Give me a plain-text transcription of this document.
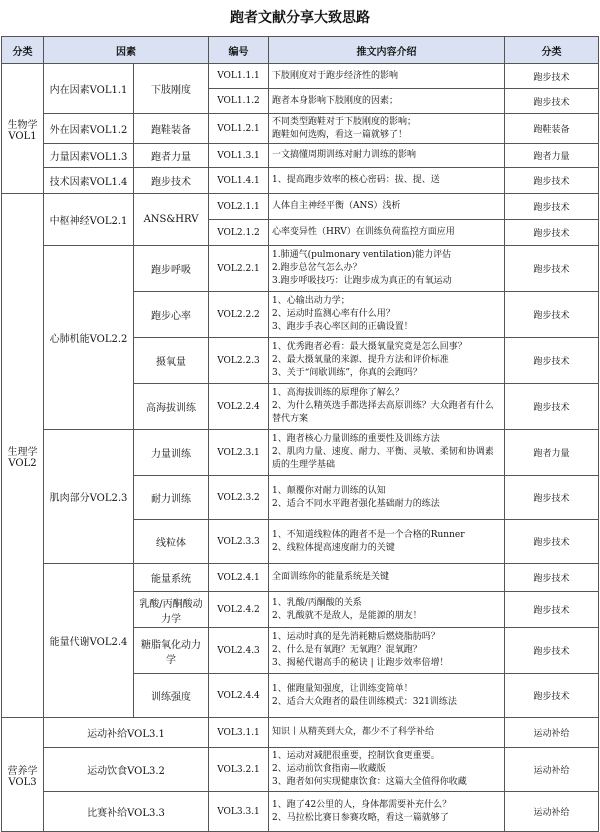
跑者文献分享大致思路
分类	因素		编号	推文内容介绍	分类
生物学VOL1	内在因素VOL1.1	下肢刚度	VOL1.1.1	下肢刚度对于跑步经济性的影响	跑步技术
			VOL1.1.2	跑者本身影响下肢刚度的因素；	跑步技术
	外在因素VOL1.2	跑鞋装备	VOL1.2.1	不同类型跑鞋对于下肢刚度的影响；
跑鞋如何选购，看这一篇就够了！	跑鞋装备
	力量因素VOL1.3	跑者力量	VOL1.3.1	一文搞懂周期训练对耐力训练的影响	跑者力量
	技术因素VOL1.4	跑步技术	VOL1.4.1	1、提高跑步效率的核心密码：拔、提、送	跑步技术
生理学VOL2	中枢神经VOL2.1	ANS&HRV	VOL2.1.1	人体自主神经平衡（ANS）浅析	跑步技术
			VOL2.1.2	心率变异性（HRV）在训练负荷监控方面应用	跑步技术
	心肺机能VOL2.2	跑步呼吸	VOL2.2.1	1.肺通气(pulmonary ventilation)能力评估
2.跑步总岔气怎么办？
3.跑步呼吸技巧：让跑步成为真正的有氧运动	跑步技术
		跑步心率	VOL2.2.2	1、心输出动力学；
2、运动时监测心率有什么用？
3、跑步手表心率区间的正确设置！	跑步技术
		摄氧量	VOL2.2.3	1、优秀跑者必看：最大摄氧量究竟是怎么回事？
2、最大摄氧量的来源、提升方法和评价标准
3、关于“间歇训练”，你真的会跑吗？	跑步技术
		高海拔训练	VOL2.2.4	1、高海拔训练的原理你了解么？
2、为什么精英选手都选择去高原训练？大众跑者有什么替代方案	跑步技术
	肌肉部分VOL2.3	力量训练	VOL2.3.1	1、跑者核心力量训练的重要性及训练方法
2、肌肉力量、速度、耐力、平衡、灵敏、柔韧和协调素质的生理学基础	跑者力量
		耐力训练	VOL2.3.2	1、颠覆你对耐力训练的认知
2、适合不同水平跑者强化基础耐力的练法	跑步技术
		线粒体	VOL2.3.3	1、不知道线粒体的跑者不是一个合格的Runner
2、线粒体提高速度耐力的关键	跑步技术
	能量代谢VOL2.4	能量系统	VOL2.4.1	全面训练你的能量系统是关键	跑步技术
		乳酸/丙酮酸动力学	VOL2.4.2	1、乳酸/丙酮酸的关系
2、乳酸就不是敌人，是能源的朋友！	跑步技术
		糖脂氧化动力学	VOL2.4.3	1、运动时真的是先消耗糖后燃烧脂肪吗？
2、什么是有氧跑？无氧跑？混氧跑？
3、揭秘代谢高手的秘诀 | 让跑步效率倍增！	跑步技术
		训练强度	VOL2.4.4	1、催跑量知强度，让训练变简单！
2、适合大众跑者的最佳训练模式：321训练法	跑步技术
营养学VOL3	运动补给VOL3.1		VOL3.1.1	知识丨从精英到大众，都少不了科学补给	运动补给
	运动饮食VOL3.2		VOL3.2.1	1、运动对减肥很重要，控制饮食更重要。
2、运动前饮食指南—收藏版
3、跑者如何实现健康饮食：这篇大全值得你收藏	运动补给
	比赛补给VOL3.3		VOL3.3.1	1、跑了42公里的人，身体都需要补充什么？
2、马拉松比赛日参赛攻略，看这一篇就够了	运动补给
